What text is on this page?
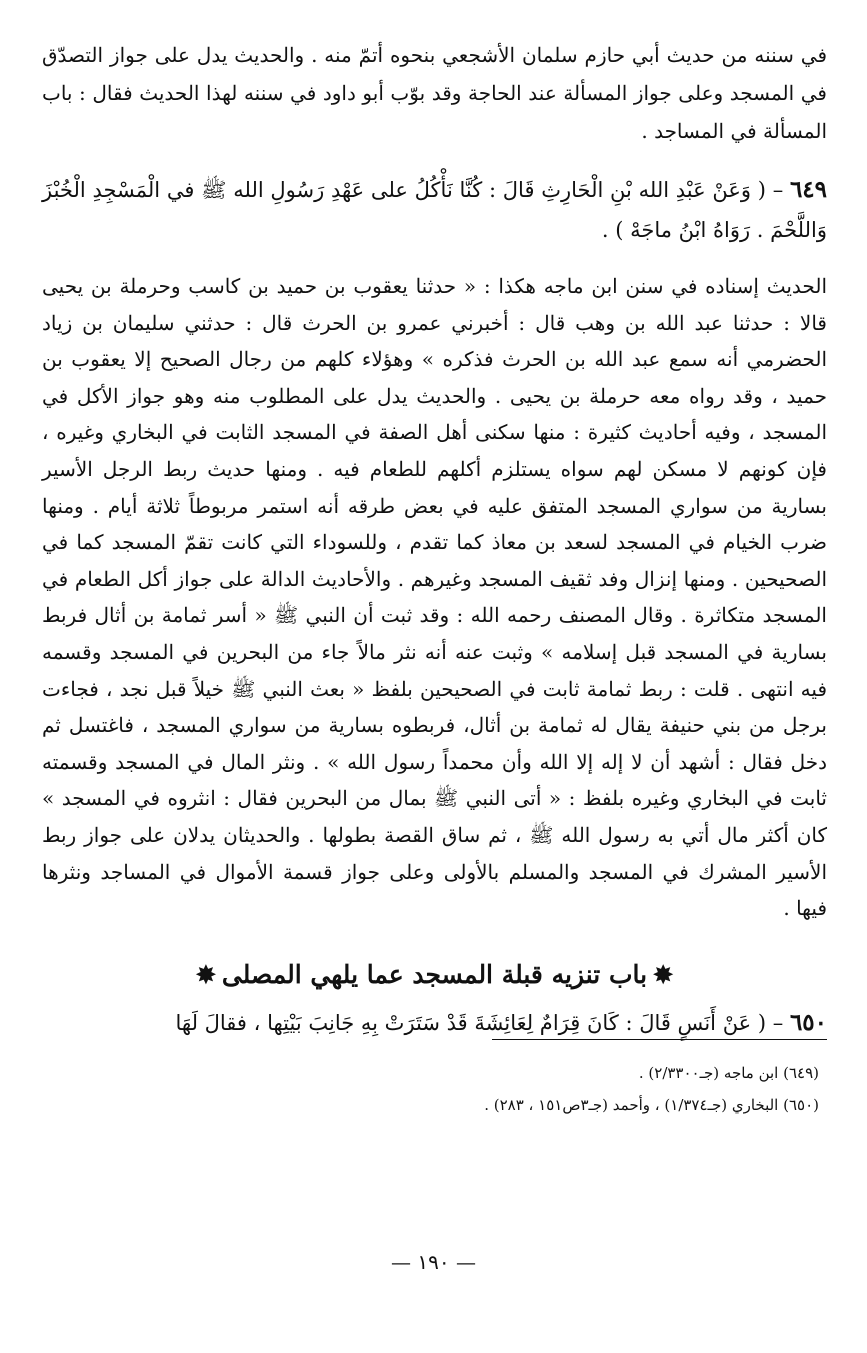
في سننه من حديث أبي حازم سلمان الأشجعي بنحوه أتمّ منه . والحديث يدل على جواز التصدّق في المسجد وعلى جواز المسألة عند الحاجة وقد بوّب أبو داود في سننه لهذا الحديث فقال : باب المسألة في المساجد .

٦٤٩ – ( وَعَنْ عَبْدِ الله بْنِ الْحَارِثِ قَالَ : كُنَّا نَأْكُلُ على عَهْدِ رَسُولِ الله ﷺ في الْمَسْجِدِ الْخُبْزَ وَاللَّحْمَ . رَوَاهُ ابْنُ ماجَهْ ) .

الحديث إسناده في سنن ابن ماجه هكذا : « حدثنا يعقوب بن حميد بن كاسب وحرملة بن يحيى قالا : حدثنا عبد الله بن وهب قال : أخبرني عمرو بن الحرث قال : حدثني سليمان بن زياد الحضرمي أنه سمع عبد الله بن الحرث فذكره » وهؤلاء كلهم من رجال الصحيح إلا يعقوب بن حميد ، وقد رواه معه حرملة بن يحيى . والحديث يدل على المطلوب منه وهو جواز الأكل في المسجد ، وفيه أحاديث كثيرة : منها سكنى أهل الصفة في المسجد الثابت في البخاري وغيره ، فإن كونهم لا مسكن لهم سواه يستلزم أكلهم للطعام فيه . ومنها حديث ربط الرجل الأسير بسارية من سواري المسجد المتفق عليه في بعض طرقه أنه استمر مربوطاً ثلاثة أيام . ومنها ضرب الخيام في المسجد لسعد بن معاذ كما تقدم ، وللسوداء التي كانت تقمّ المسجد كما في الصحيحين . ومنها إنزال وفد ثقيف المسجد وغيرهم . والأحاديث الدالة على جواز أكل الطعام في المسجد متكاثرة . وقال المصنف رحمه الله : وقد ثبت أن النبي ﷺ « أسر ثمامة بن أثال فربط بسارية في المسجد قبل إسلامه » وثبت عنه أنه نثر مالاً جاء من البحرين في المسجد وقسمه فيه انتهى . قلت : ربط ثمامة ثابت في الصحيحين بلفظ « بعث النبي ﷺ خيلاً قبل نجد ، فجاءت برجل من بني حنيفة يقال له ثمامة بن أثال، فربطوه بسارية من سواري المسجد ، فاغتسل ثم دخل فقال : أشهد أن لا إله إلا الله وأن محمداً رسول الله » . ونثر المال في المسجد وقسمته ثابت في البخاري وغيره بلفظ : « أتى النبي ﷺ بمال من البحرين فقال : انثروه في المسجد » كان أكثر مال أتي به رسول الله ﷺ ، ثم ساق القصة بطولها . والحديثان يدلان على جواز ربط الأسير المشرك في المسجد والمسلم بالأولى وعلى جواز قسمة الأموال في المساجد ونثرها فيها .

✸باب تنزيه قبلة المسجد عما يلهي المصلى✸

٦٥٠ – ( عَنْ أَنَسٍ قَالَ : كَانَ قِرَامٌ لِعَائِشَةَ قَدْ سَتَرَتْ بِهِ جَانِبَ بَيْتِها ، فقالَ لَهَا

(٦٤٩) ابن ماجه (جـ٢/٣٣٠٠) .

(٦٥٠) البخاري (جـ١/٣٧٤) ، وأحمد (جـ٣ص١٥١ ، ٢٨٣) .

— ١٩٠ —
